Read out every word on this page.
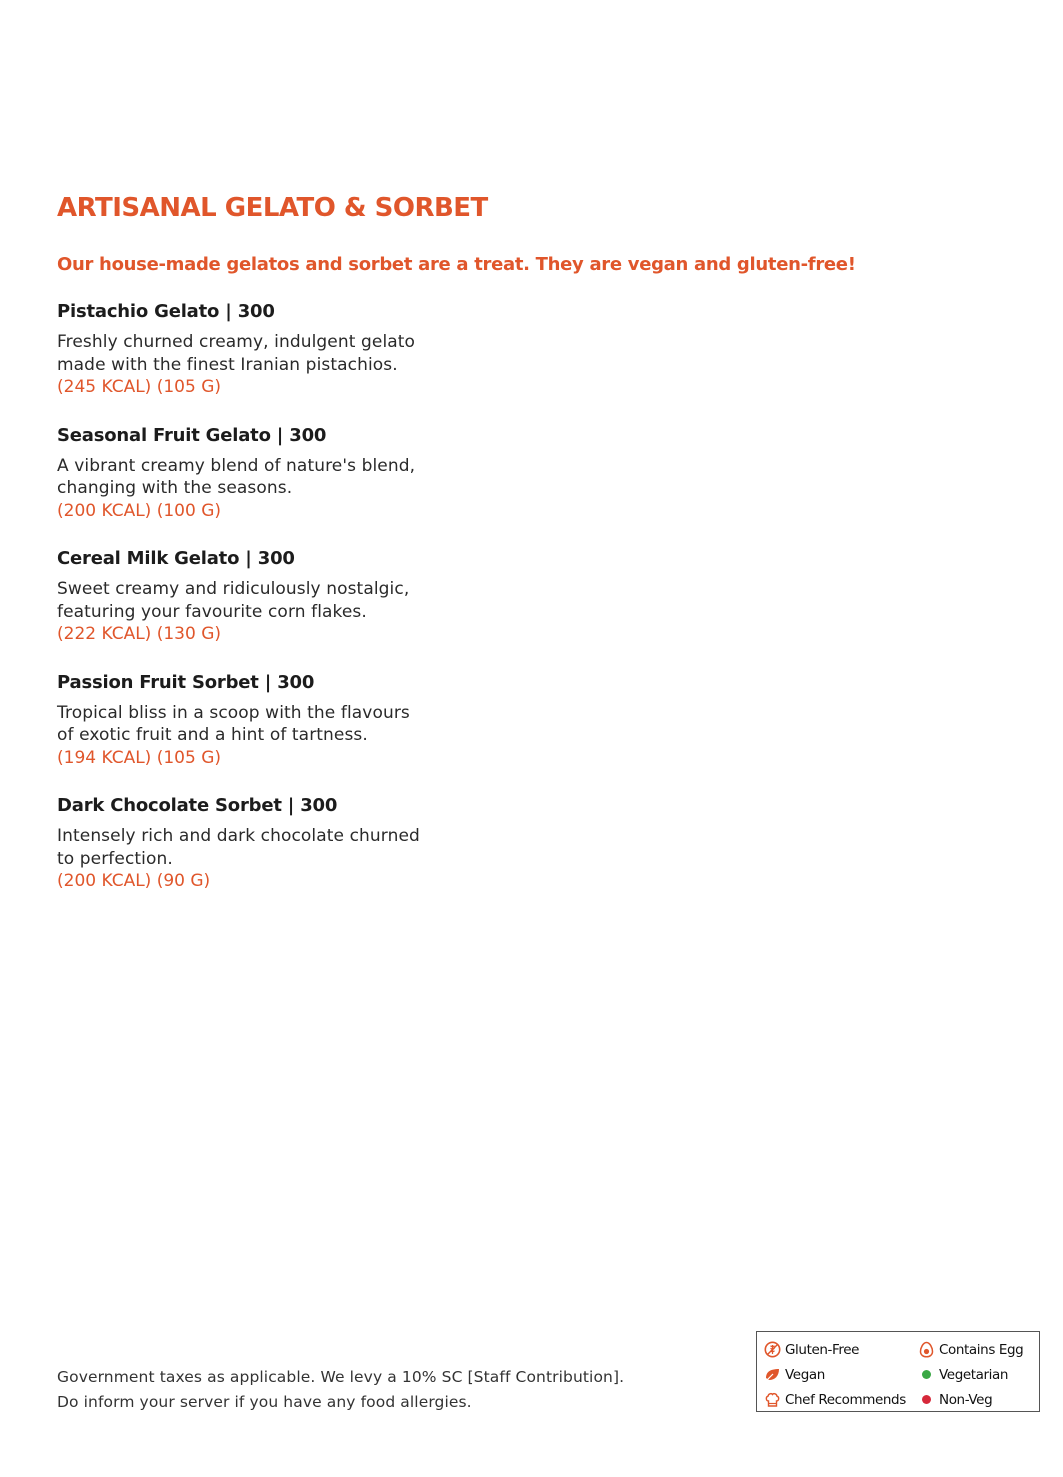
ARTISANAL GELATO & SORBET

Our house-made gelatos and sorbet are a treat. They are vegan and gluten-free!

Pistachio Gelato | 300
Freshly churned creamy, indulgent gelato
made with the finest Iranian pistachios.
(245 KCAL) (105 G)
Seasonal Fruit Gelato | 300
A vibrant creamy blend of nature's blend,
changing with the seasons.
(200 KCAL) (100 G)
Cereal Milk Gelato | 300
Sweet creamy and ridiculously nostalgic,
featuring your favourite corn flakes.
(222 KCAL) (130 G)
Passion Fruit Sorbet | 300
Tropical bliss in a scoop with the flavours
of exotic fruit and a hint of tartness.
(194 KCAL) (105 G)
Dark Chocolate Sorbet | 300
Intensely rich and dark chocolate churned
to perfection.
(200 KCAL) (90 G)
Government taxes as applicable. We levy a 10% SC [Staff Contribution].
Do inform your server if you have any food allergies.
Gluten-Free	Contains Egg
Vegan	Vegetarian
Chef Recommends Non-Veg
